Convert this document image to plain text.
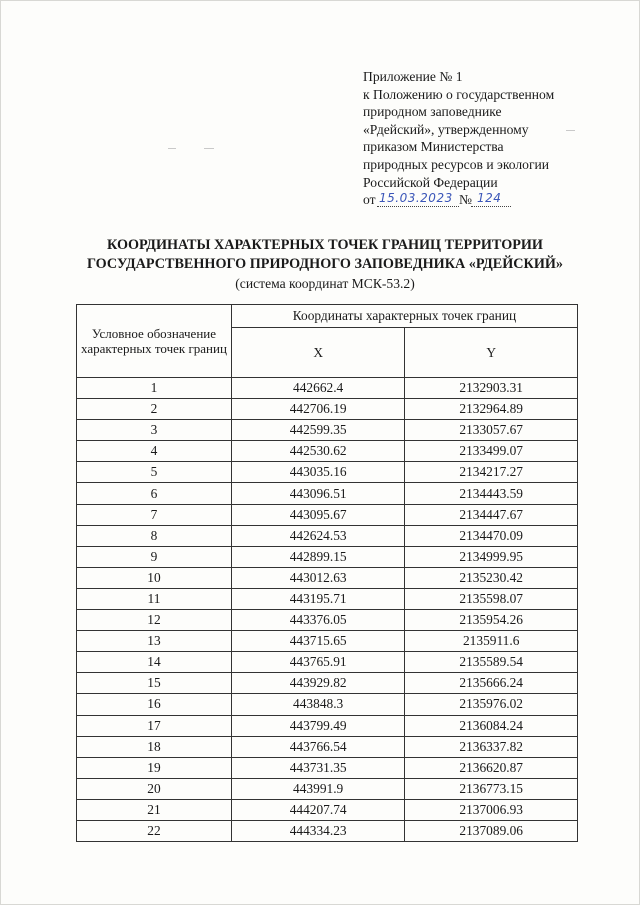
Приложение № 1
к Положению о государственном
природном заповеднике
«Рдейский», утвержденному
приказом Министерства
природных ресурсов и экологии
Российской Федерации
от 15.03.2023 № 124
КООРДИНАТЫ ХАРАКТЕРНЫХ ТОЧЕК ГРАНИЦ ТЕРРИТОРИИ
ГОСУДАРСТВЕННОГО ПРИРОДНОГО ЗАПОВЕДНИКА «РДЕЙСКИЙ»
(система координат МСК-53.2)
Условное обозначение характерных точек границ	Координаты характерных точек границ	
	X	Y
1	442662.4	2132903.31
2	442706.19	2132964.89
3	442599.35	2133057.67
4	442530.62	2133499.07
5	443035.16	2134217.27
6	443096.51	2134443.59
7	443095.67	2134447.67
8	442624.53	2134470.09
9	442899.15	2134999.95
10	443012.63	2135230.42
11	443195.71	2135598.07
12	443376.05	2135954.26
13	443715.65	2135911.6
14	443765.91	2135589.54
15	443929.82	2135666.24
16	443848.3	2135976.02
17	443799.49	2136084.24
18	443766.54	2136337.82
19	443731.35	2136620.87
20	443991.9	2136773.15
21	444207.74	2137006.93
22	444334.23	2137089.06
